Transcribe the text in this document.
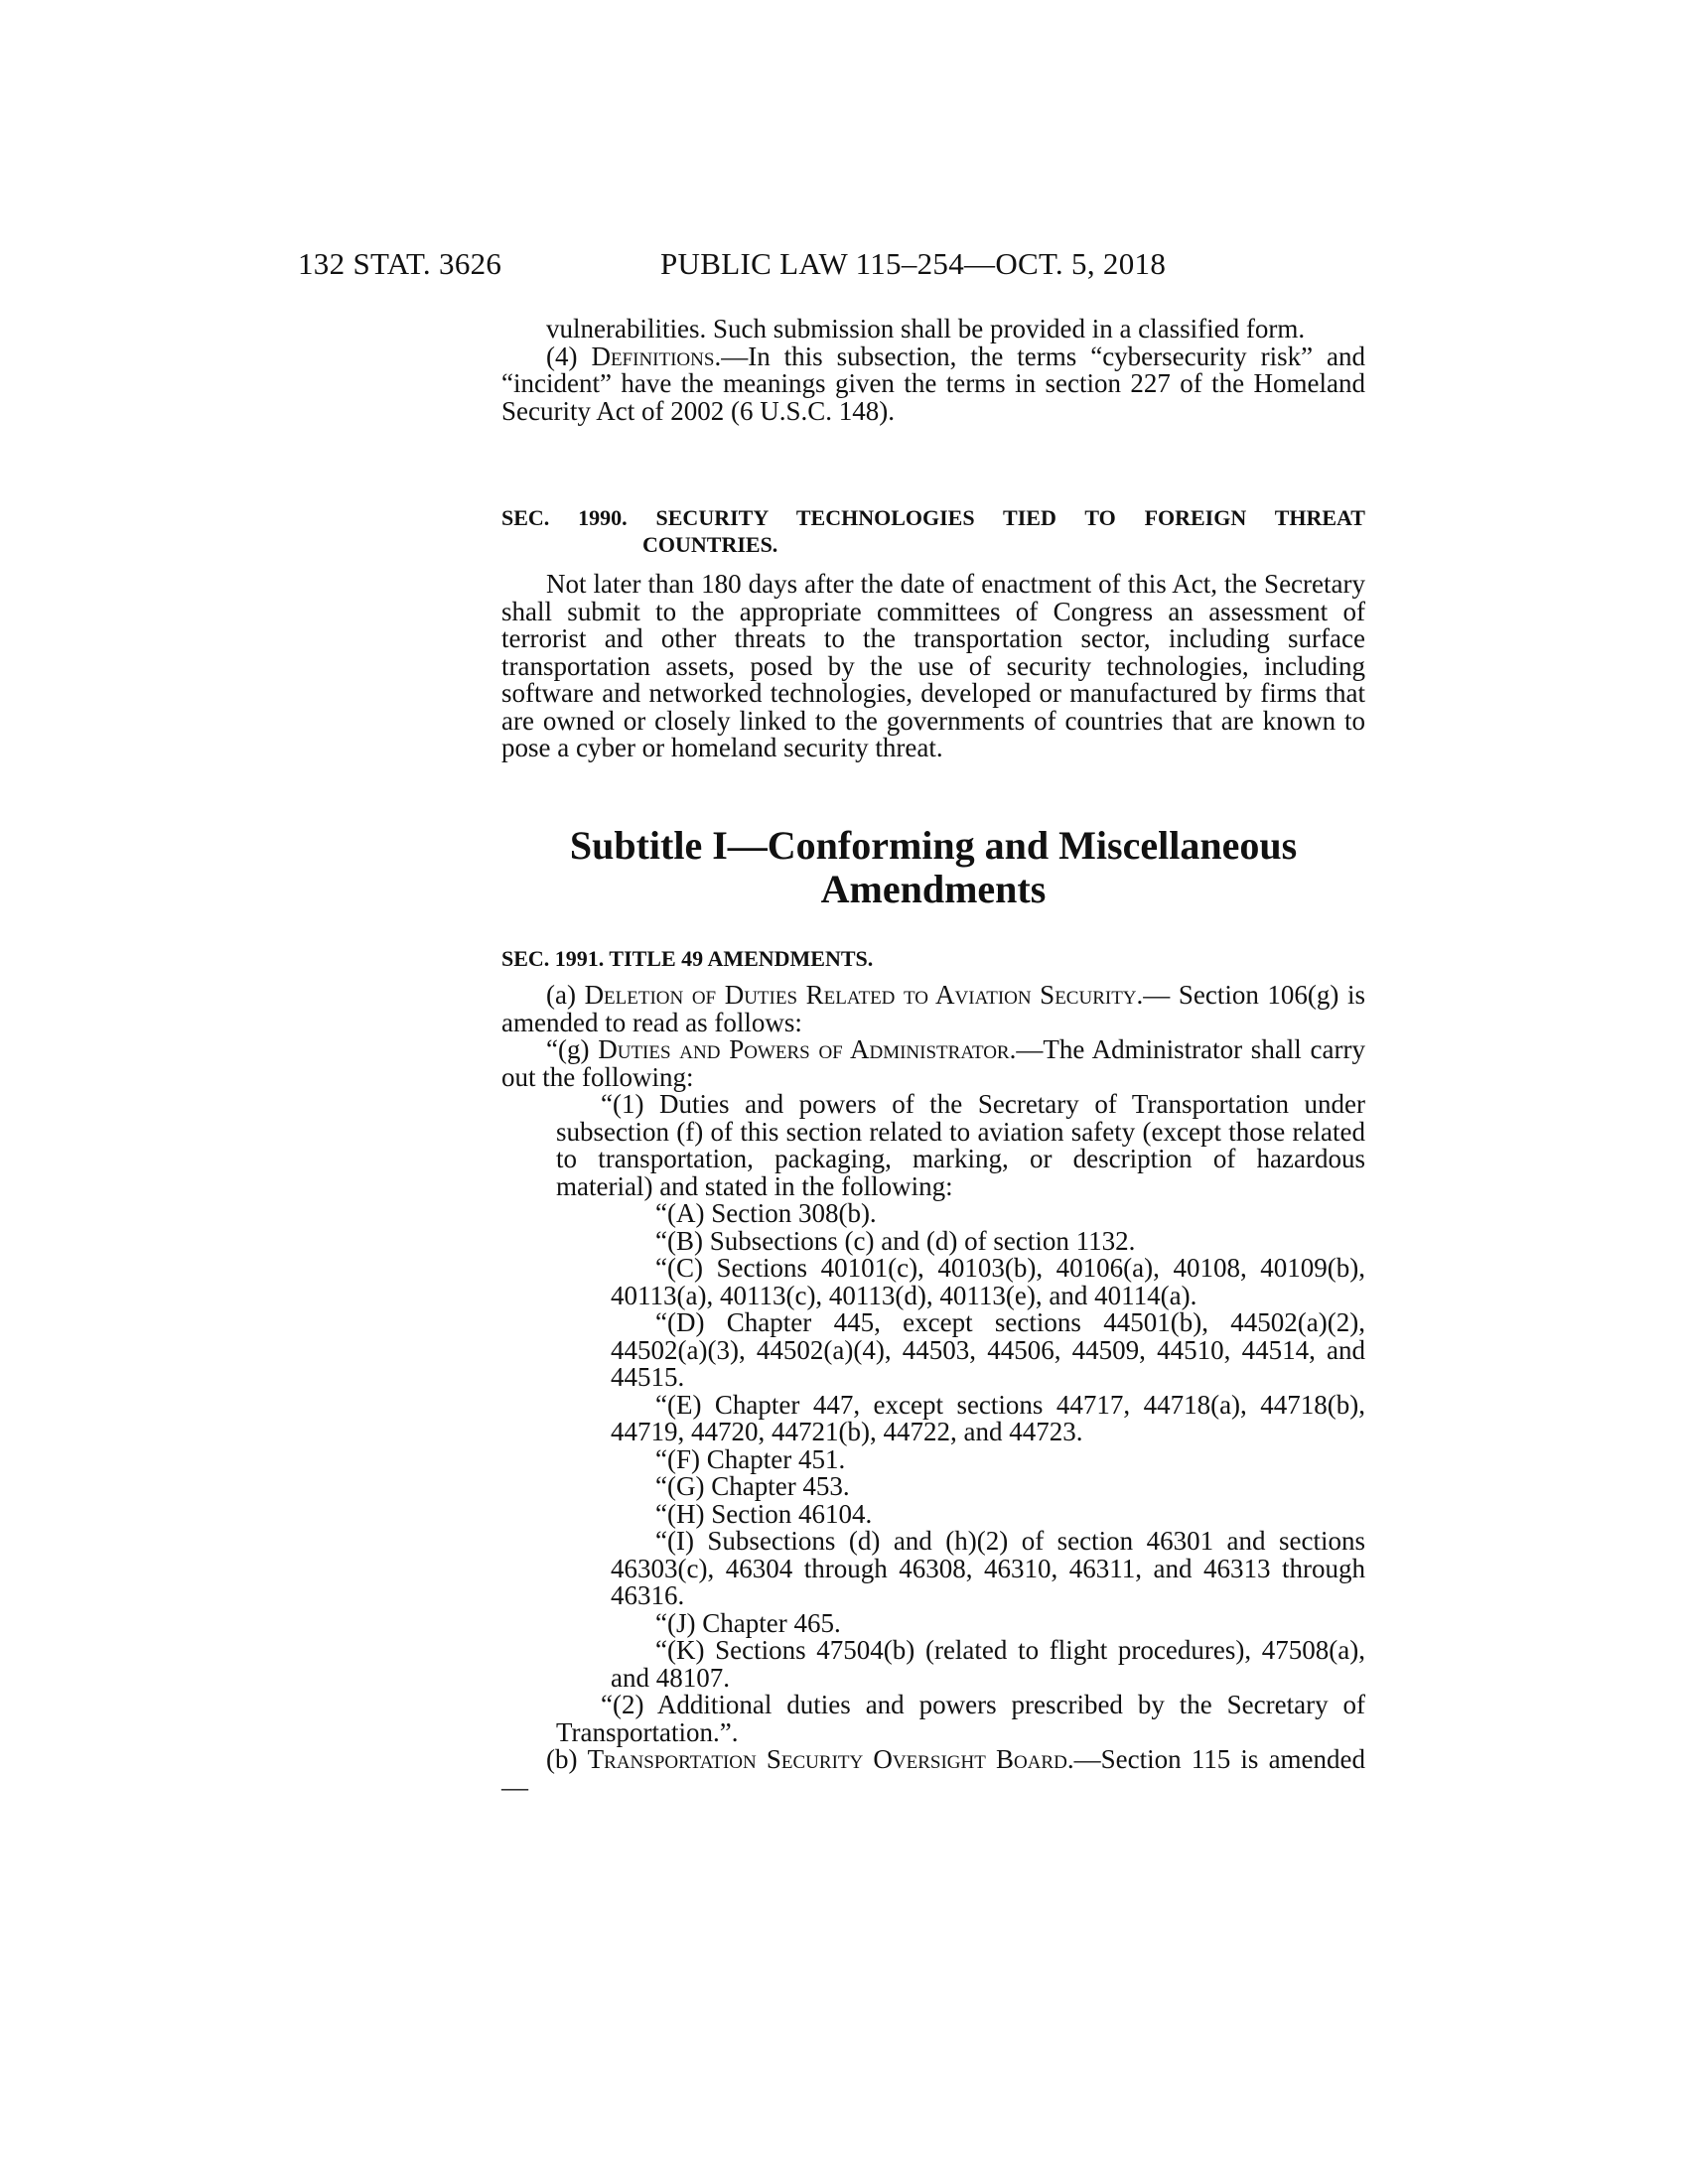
132 STAT. 3626	PUBLIC LAW 115–254—OCT. 5, 2018

vulnerabilities. Such submission shall be provided in a classified form.

(4) Definitions.—In this subsection, the terms “cybersecurity risk” and “incident” have the meanings given the terms in section 227 of the Homeland Security Act of 2002 (6 U.S.C. 148).

SEC. 1990. SECURITY TECHNOLOGIES TIED TO FOREIGN THREAT

COUNTRIES.

Not later than 180 days after the date of enactment of this Act, the Secretary shall submit to the appropriate committees of Congress an assessment of terrorist and other threats to the transportation sector, including surface transportation assets, posed by the use of security technologies, including software and networked technologies, developed or manufactured by firms that are owned or closely linked to the governments of countries that are known to pose a cyber or homeland security threat.

Subtitle I—Conforming and Miscellaneous
Amendments

SEC. 1991. TITLE 49 AMENDMENTS.

(a) Deletion of Duties Related to Aviation Security.— Section 106(g) is amended to read as follows:

“(g) Duties and Powers of Administrator.—The Administrator shall carry out the following:

“(1) Duties and powers of the Secretary of Transportation under subsection (f) of this section related to aviation safety (except those related to transportation, packaging, marking, or description of hazardous material) and stated in the following:

“(A) Section 308(b).

“(B) Subsections (c) and (d) of section 1132.

“(C) Sections 40101(c), 40103(b), 40106(a), 40108, 40109(b), 40113(a), 40113(c), 40113(d), 40113(e), and 40114(a).

“(D) Chapter 445, except sections 44501(b), 44502(a)(2), 44502(a)(3), 44502(a)(4), 44503, 44506, 44509, 44510, 44514, and 44515.

“(E) Chapter 447, except sections 44717, 44718(a), 44718(b), 44719, 44720, 44721(b), 44722, and 44723.

“(F) Chapter 451.

“(G) Chapter 453.

“(H) Section 46104.

“(I) Subsections (d) and (h)(2) of section 46301 and sections 46303(c), 46304 through 46308, 46310, 46311, and 46313 through 46316.

“(J) Chapter 465.

“(K) Sections 47504(b) (related to flight procedures), 47508(a), and 48107.

“(2) Additional duties and powers prescribed by the Secretary of Transportation.”.

(b) Transportation Security Oversight Board.—Section 115 is amended—
